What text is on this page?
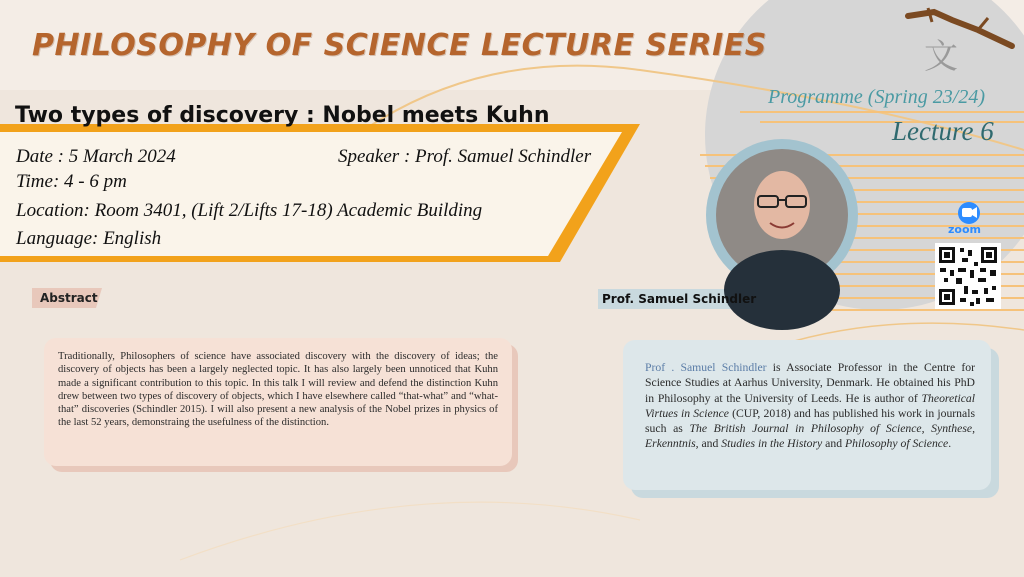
文
PHILOSOPHY OF SCIENCE LECTURE SERIES
Programme (Spring 23/24)
Lecture 6
Two types of discovery : Nobel meets Kuhn
Date : 5 March 2024	Speaker : Prof. Samuel Schindler
Time: 4 - 6 pm
Location: Room 3401, (Lift 2/Lifts 17-18) Academic Building
Language: English
Abstract	Prof. Samuel Schindler
Traditionally, Philosophers of science have associated discovery with the discovery of ideas; the discovery of objects has been a largely neglected topic. It has also largely been unnoticed that Kuhn made a significant contribution to this topic. In this talk I will review and defend the distinction Kuhn drew between two types of discovery of objects, which I have elsewhere called “that-what” and “what-that” discoveries (Schindler 2015). I will also present a new analysis of the Nobel prizes in physics of the last 52 years, demonstraing the usefulness of the distinction.
Prof . Samuel Schindler is Associate Professor in the Centre for Science Studies at Aarhus University, Denmark. He obtained his PhD in Philosophy at the University of Leeds. He is author of Theoretical Virtues in Science (CUP, 2018) and has published his work in journals such as The British Journal in Philosophy of Science, Synthese, Erkenntnis, and Studies in the History and Philosophy of Science.
zoom
